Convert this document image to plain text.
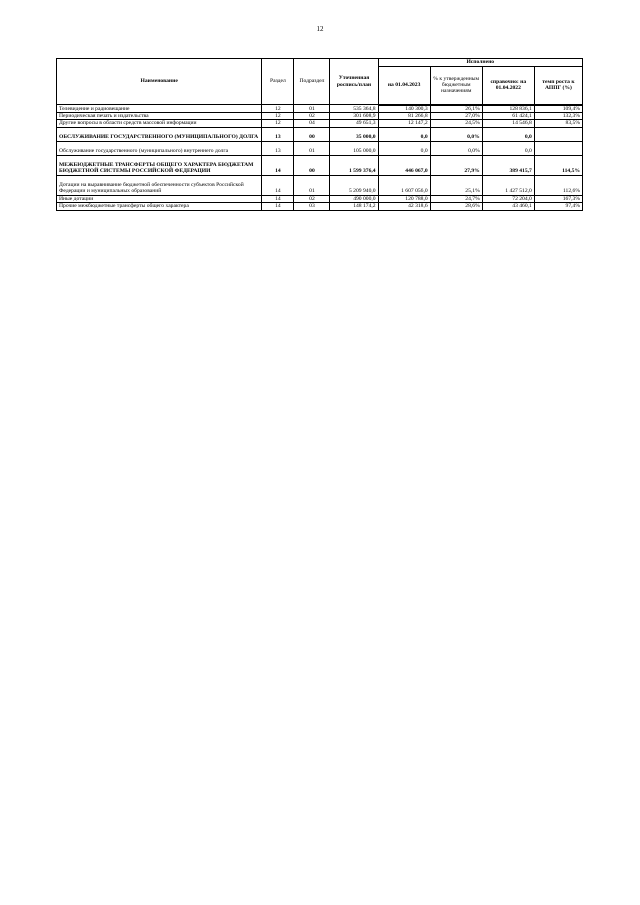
12
Наименование	Раздел	Подраздел	Уточненная роспись/план	Исполнено			
				на 01.04.2023	% к утвержденным бюджетным назначениям	справочно: на 01.04.2022	темп роста к АППГ (%)
Телевидение и радиовещание	12	01	535 364,8	140 300,3	26,1%	128 836,1	109,4%
Периодическая печать и издательства	12	02	301 608,9	81 266,8	27,0%	61 424,1	132,3%
Другие вопросы в области средств массовой информации	12	04	49 651,3	12 147,2	24,5%	14 546,8	83,5%
ОБСЛУЖИВАНИЕ ГОСУДАРСТВЕННОГО (МУНИЦИПАЛЬНОГО) ДОЛГА	13	00	35 000,0	0,0	0,0%	0,0	
Обслуживание государственного (муниципального) внутреннего долга	13	01	105 000,0	0,0	0,0%	0,0	
МЕЖБЮДЖЕТНЫЕ ТРАНСФЕРТЫ ОБЩЕГО ХАРАКТЕРА БЮДЖЕТАМ БЮДЖЕТНОЙ СИСТЕМЫ РОССИЙСКОЙ ФЕДЕРАЦИИ	14	00	1 599 376,4	446 067,0	27,9%	389 415,7	114,5%
Дотации на выравнивание бюджетной обеспеченности субъектов Российской Федерации и муниципальных образований	14	01	5 209 940,0	1 607 056,0	25,1%	1 427 512,0	112,6%
Иные дотации	14	02	490 000,0	120 788,0	24,7%	72 204,0	167,3%
Прочие межбюджетные трансферты общего характера	14	03	148 174,2	42 318,6	28,6%	43 460,1	97,4%
